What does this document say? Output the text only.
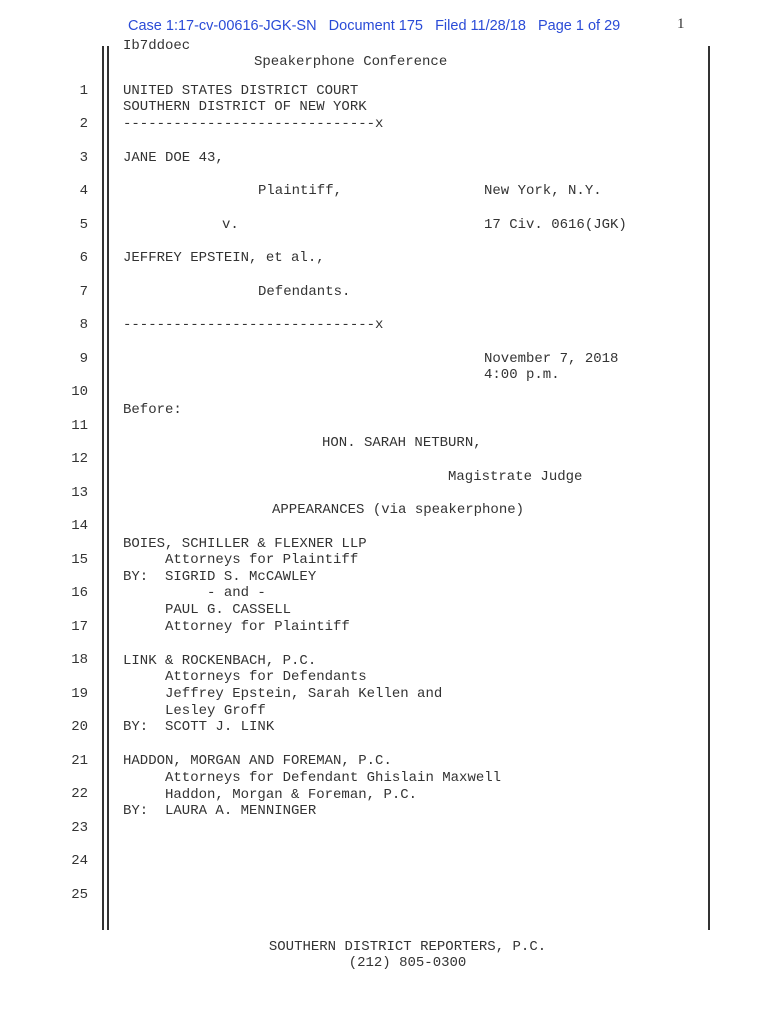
Case 1:17-cv-00616-JGK-SN Document 175 Filed 11/28/18 Page 1 of 29	1
Ib7ddoec
Speakerphone Conference
1
2
3
4
5
6
7
8
9
10
11
12
13
14
15
16
17
18
19
20
21
22
23
24
25
UNITED STATES DISTRICT COURT
SOUTHERN DISTRICT OF NEW YORK
------------------------------x
JANE DOE 43,
Plaintiff,	New York, N.Y.
v.	17 Civ. 0616(JGK)
JEFFREY EPSTEIN, et al.,
Defendants.
------------------------------x
November 7, 2018
4:00 p.m.
Before:
HON. SARAH NETBURN,
Magistrate Judge
APPEARANCES (via speakerphone)
BOIES, SCHILLER & FLEXNER LLP
Attorneys for Plaintiff
BY:  SIGRID S. McCAWLEY
- and -
PAUL G. CASSELL
Attorney for Plaintiff
LINK & ROCKENBACH, P.C.
Attorneys for Defendants
Jeffrey Epstein, Sarah Kellen and
Lesley Groff
BY:  SCOTT J. LINK
HADDON, MORGAN AND FOREMAN, P.C.
Attorneys for Defendant Ghislain Maxwell
Haddon, Morgan & Foreman, P.C.
BY:  LAURA A. MENNINGER
SOUTHERN DISTRICT REPORTERS, P.C.
(212) 805-0300
